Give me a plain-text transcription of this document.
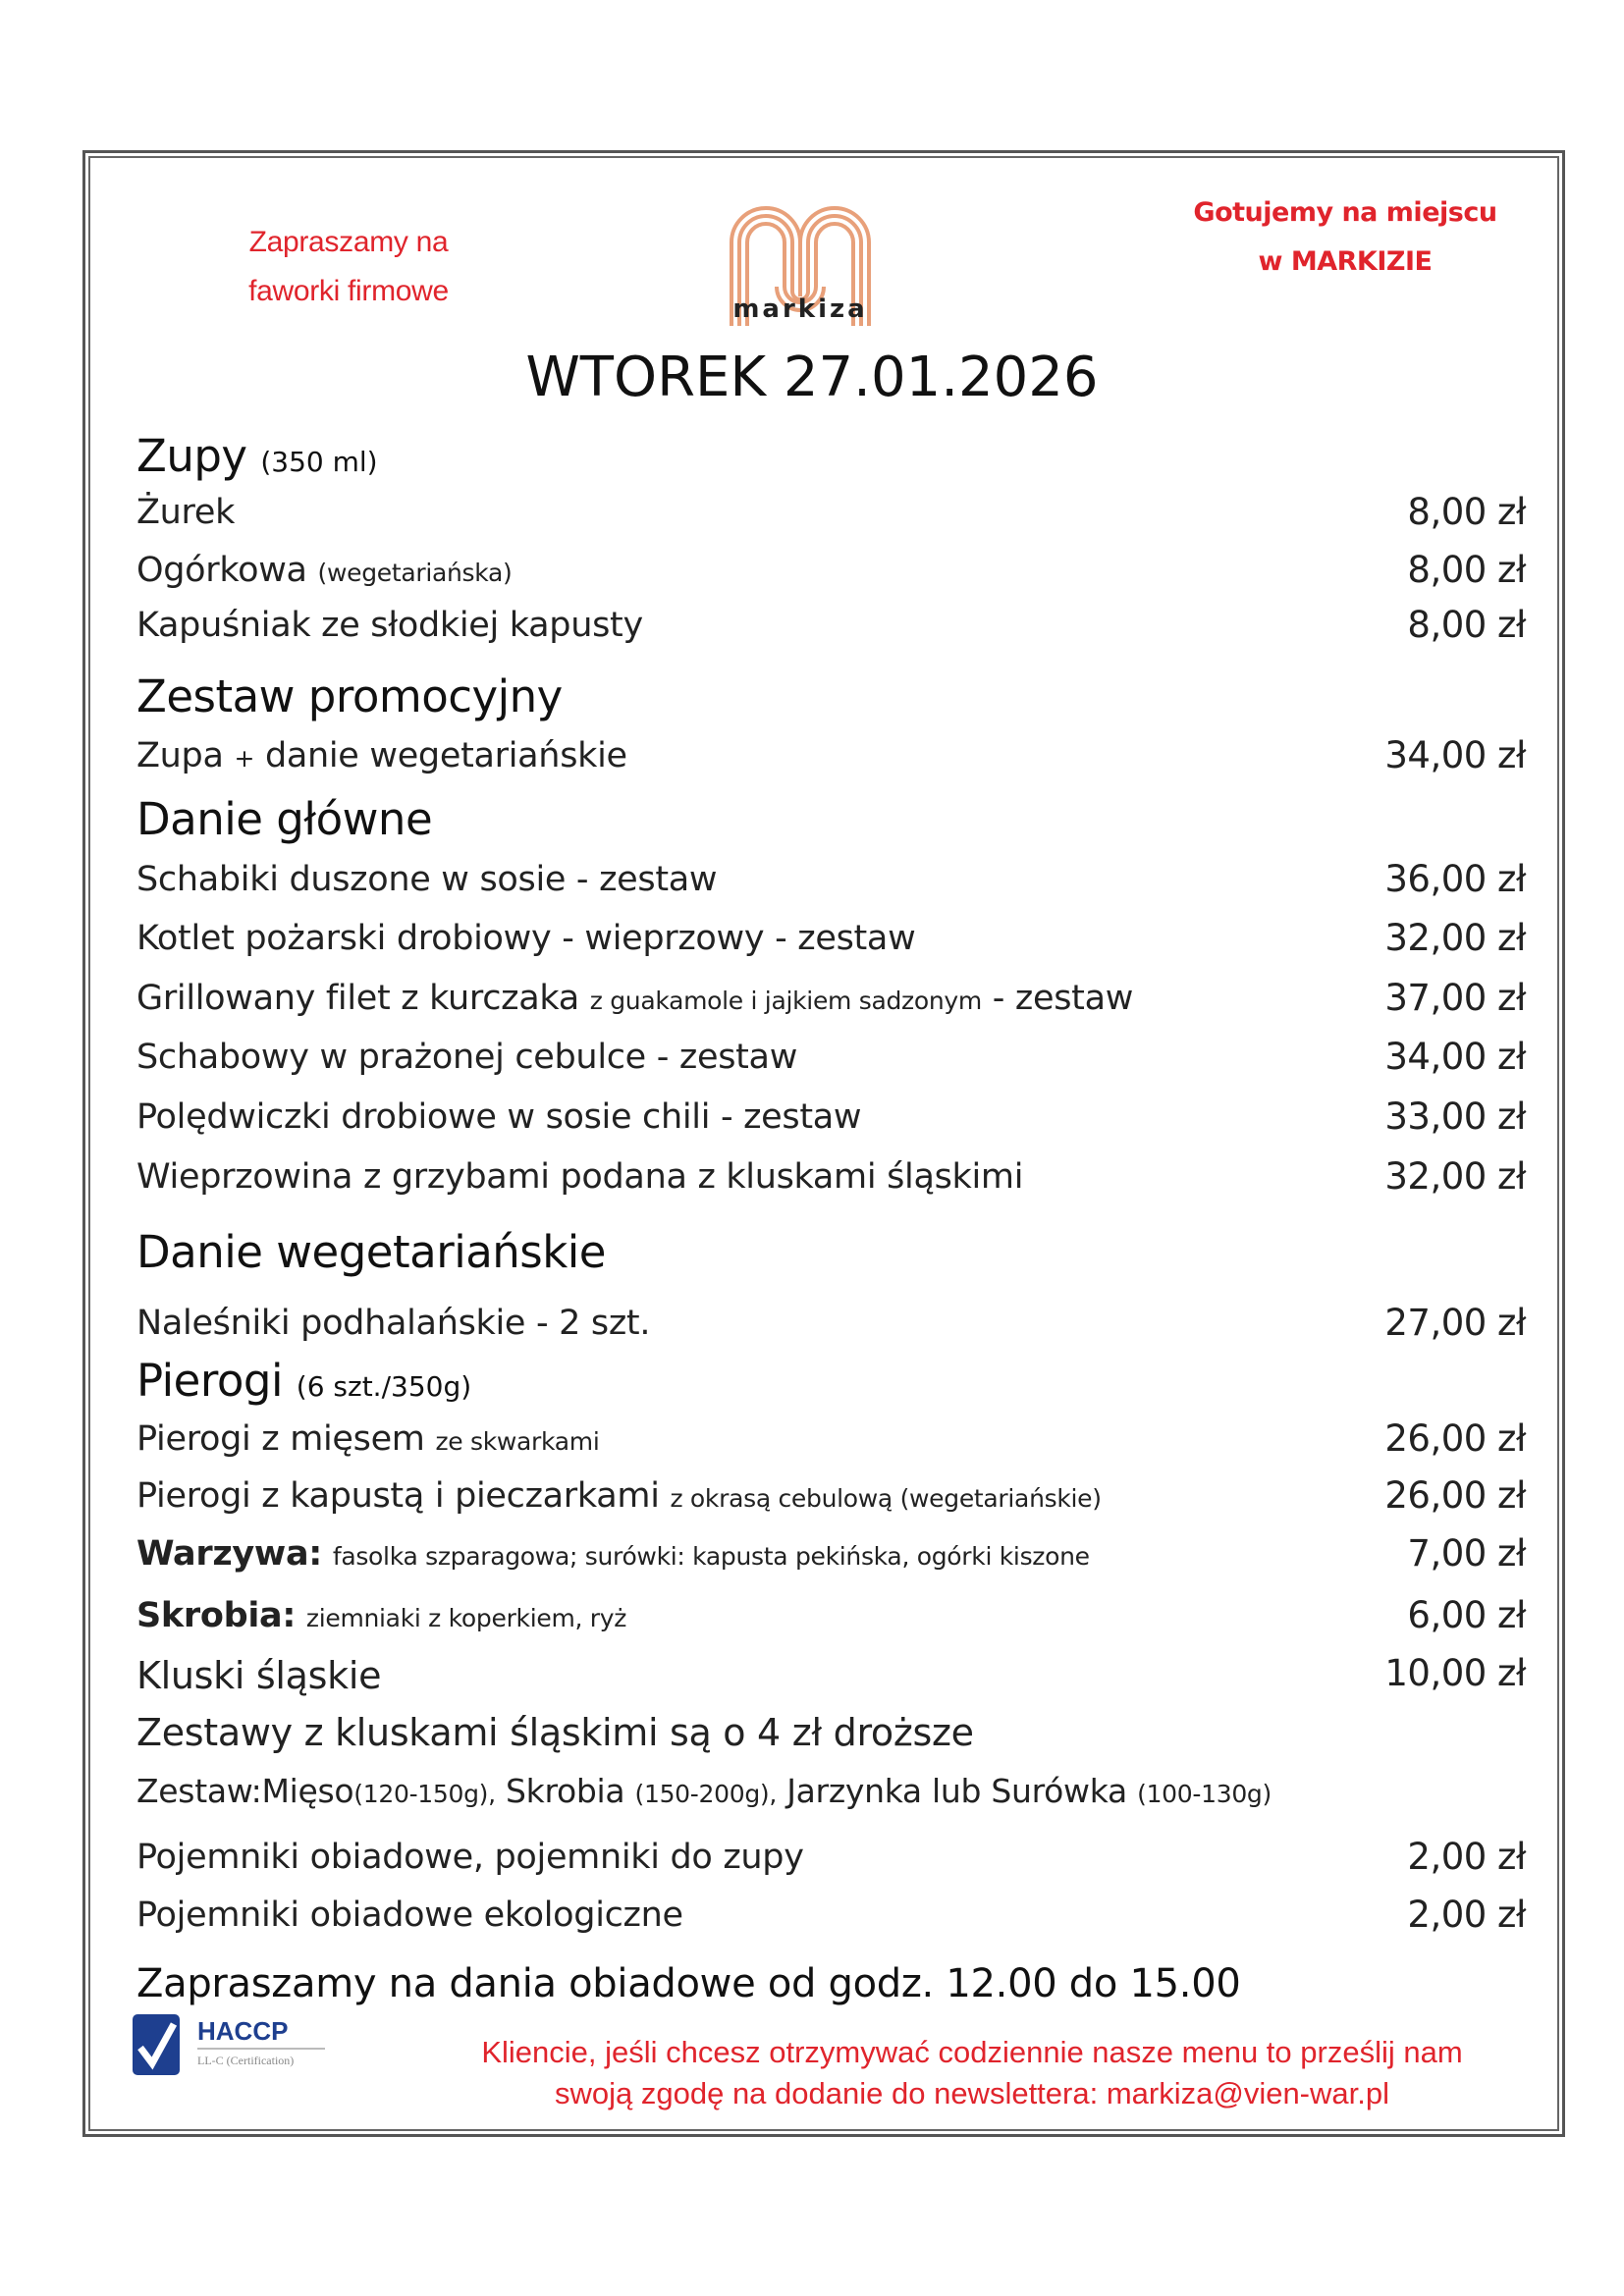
Zapraszamy na
faworki firmowe
markiza
Gotujemy na miejscu
w MARKIZIE
WTOREK 27.01.2026
Zupy (350 ml)
Żurek	8,00 zł
Ogórkowa (wegetariańska)	8,00 zł
Kapuśniak ze słodkiej kapusty	8,00 zł
Zestaw promocyjny
Zupa + danie wegetariańskie	34,00 zł
Danie główne
Schabiki duszone w sosie - zestaw	36,00 zł
Kotlet pożarski drobiowy - wieprzowy - zestaw	32,00 zł
Grillowany filet z kurczaka z guakamole i jajkiem sadzonym - zestaw	37,00 zł
Schabowy w prażonej cebulce - zestaw	34,00 zł
Polędwiczki drobiowe w sosie chili - zestaw	33,00 zł
Wieprzowina z grzybami podana z kluskami śląskimi	32,00 zł
Danie wegetariańskie
Naleśniki podhalańskie - 2 szt.	27,00 zł
Pierogi (6 szt./350g)
Pierogi z mięsem ze skwarkami	26,00 zł
Pierogi z kapustą i pieczarkami z okrasą cebulową (wegetariańskie)	26,00 zł
Warzywa: fasolka szparagowa; surówki: kapusta pekińska, ogórki kiszone	7,00 zł
Skrobia: ziemniaki z koperkiem, ryż	6,00 zł
Kluski śląskie	10,00 zł
Zestawy z kluskami śląskimi są o 4 zł droższe
Zestaw:Mięso(120-150g), Skrobia (150-200g), Jarzynka lub Surówka (100-130g)
Pojemniki obiadowe, pojemniki do zupy	2,00 zł
Pojemniki obiadowe ekologiczne	2,00 zł
Zapraszamy na dania obiadowe od godz. 12.00 do 15.00
HACCP
LL-C (Certification)	Kliencie, jeśli chcesz otrzymywać codziennie nasze menu to prześlij nam
swoją zgodę na dodanie do newslettera: markiza@vien-war.pl
